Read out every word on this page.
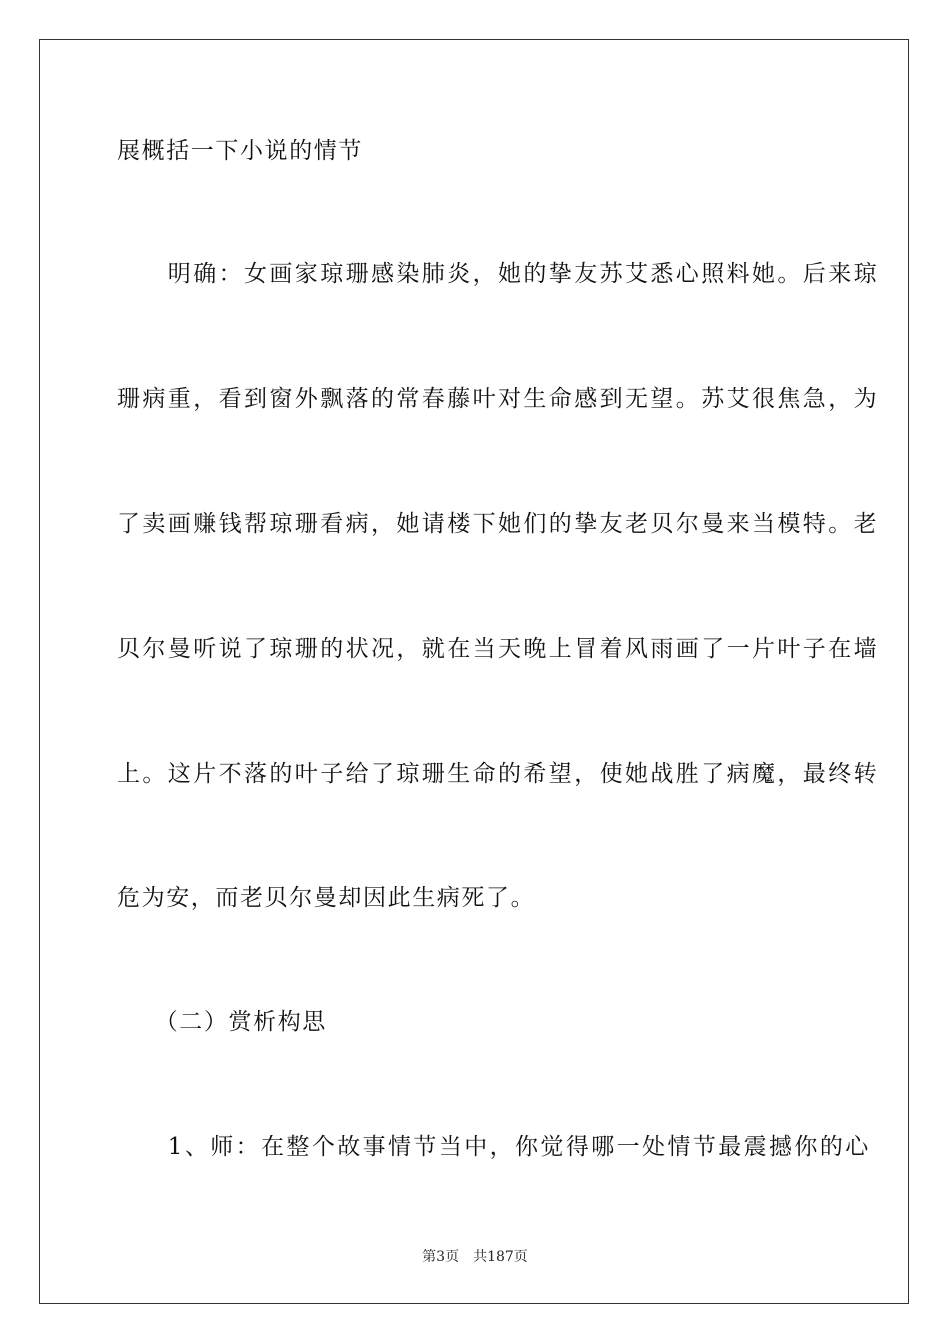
展概括一下小说的情节
　　明确：女画家琼珊感染肺炎，她的挚友苏艾悉心照料她。后来琼
珊病重，看到窗外飘落的常春藤叶对生命感到无望。苏艾很焦急，为
了卖画赚钱帮琼珊看病，她请楼下她们的挚友老贝尔曼来当模特。老
贝尔曼听说了琼珊的状况，就在当天晚上冒着风雨画了一片叶子在墙
上。这片不落的叶子给了琼珊生命的希望，使她战胜了病魔，最终转
危为安，而老贝尔曼却因此生病死了。
　　（二）赏析构思
　　1、师：在整个故事情节当中，你觉得哪一处情节最震撼你的心
第3页　共187页
